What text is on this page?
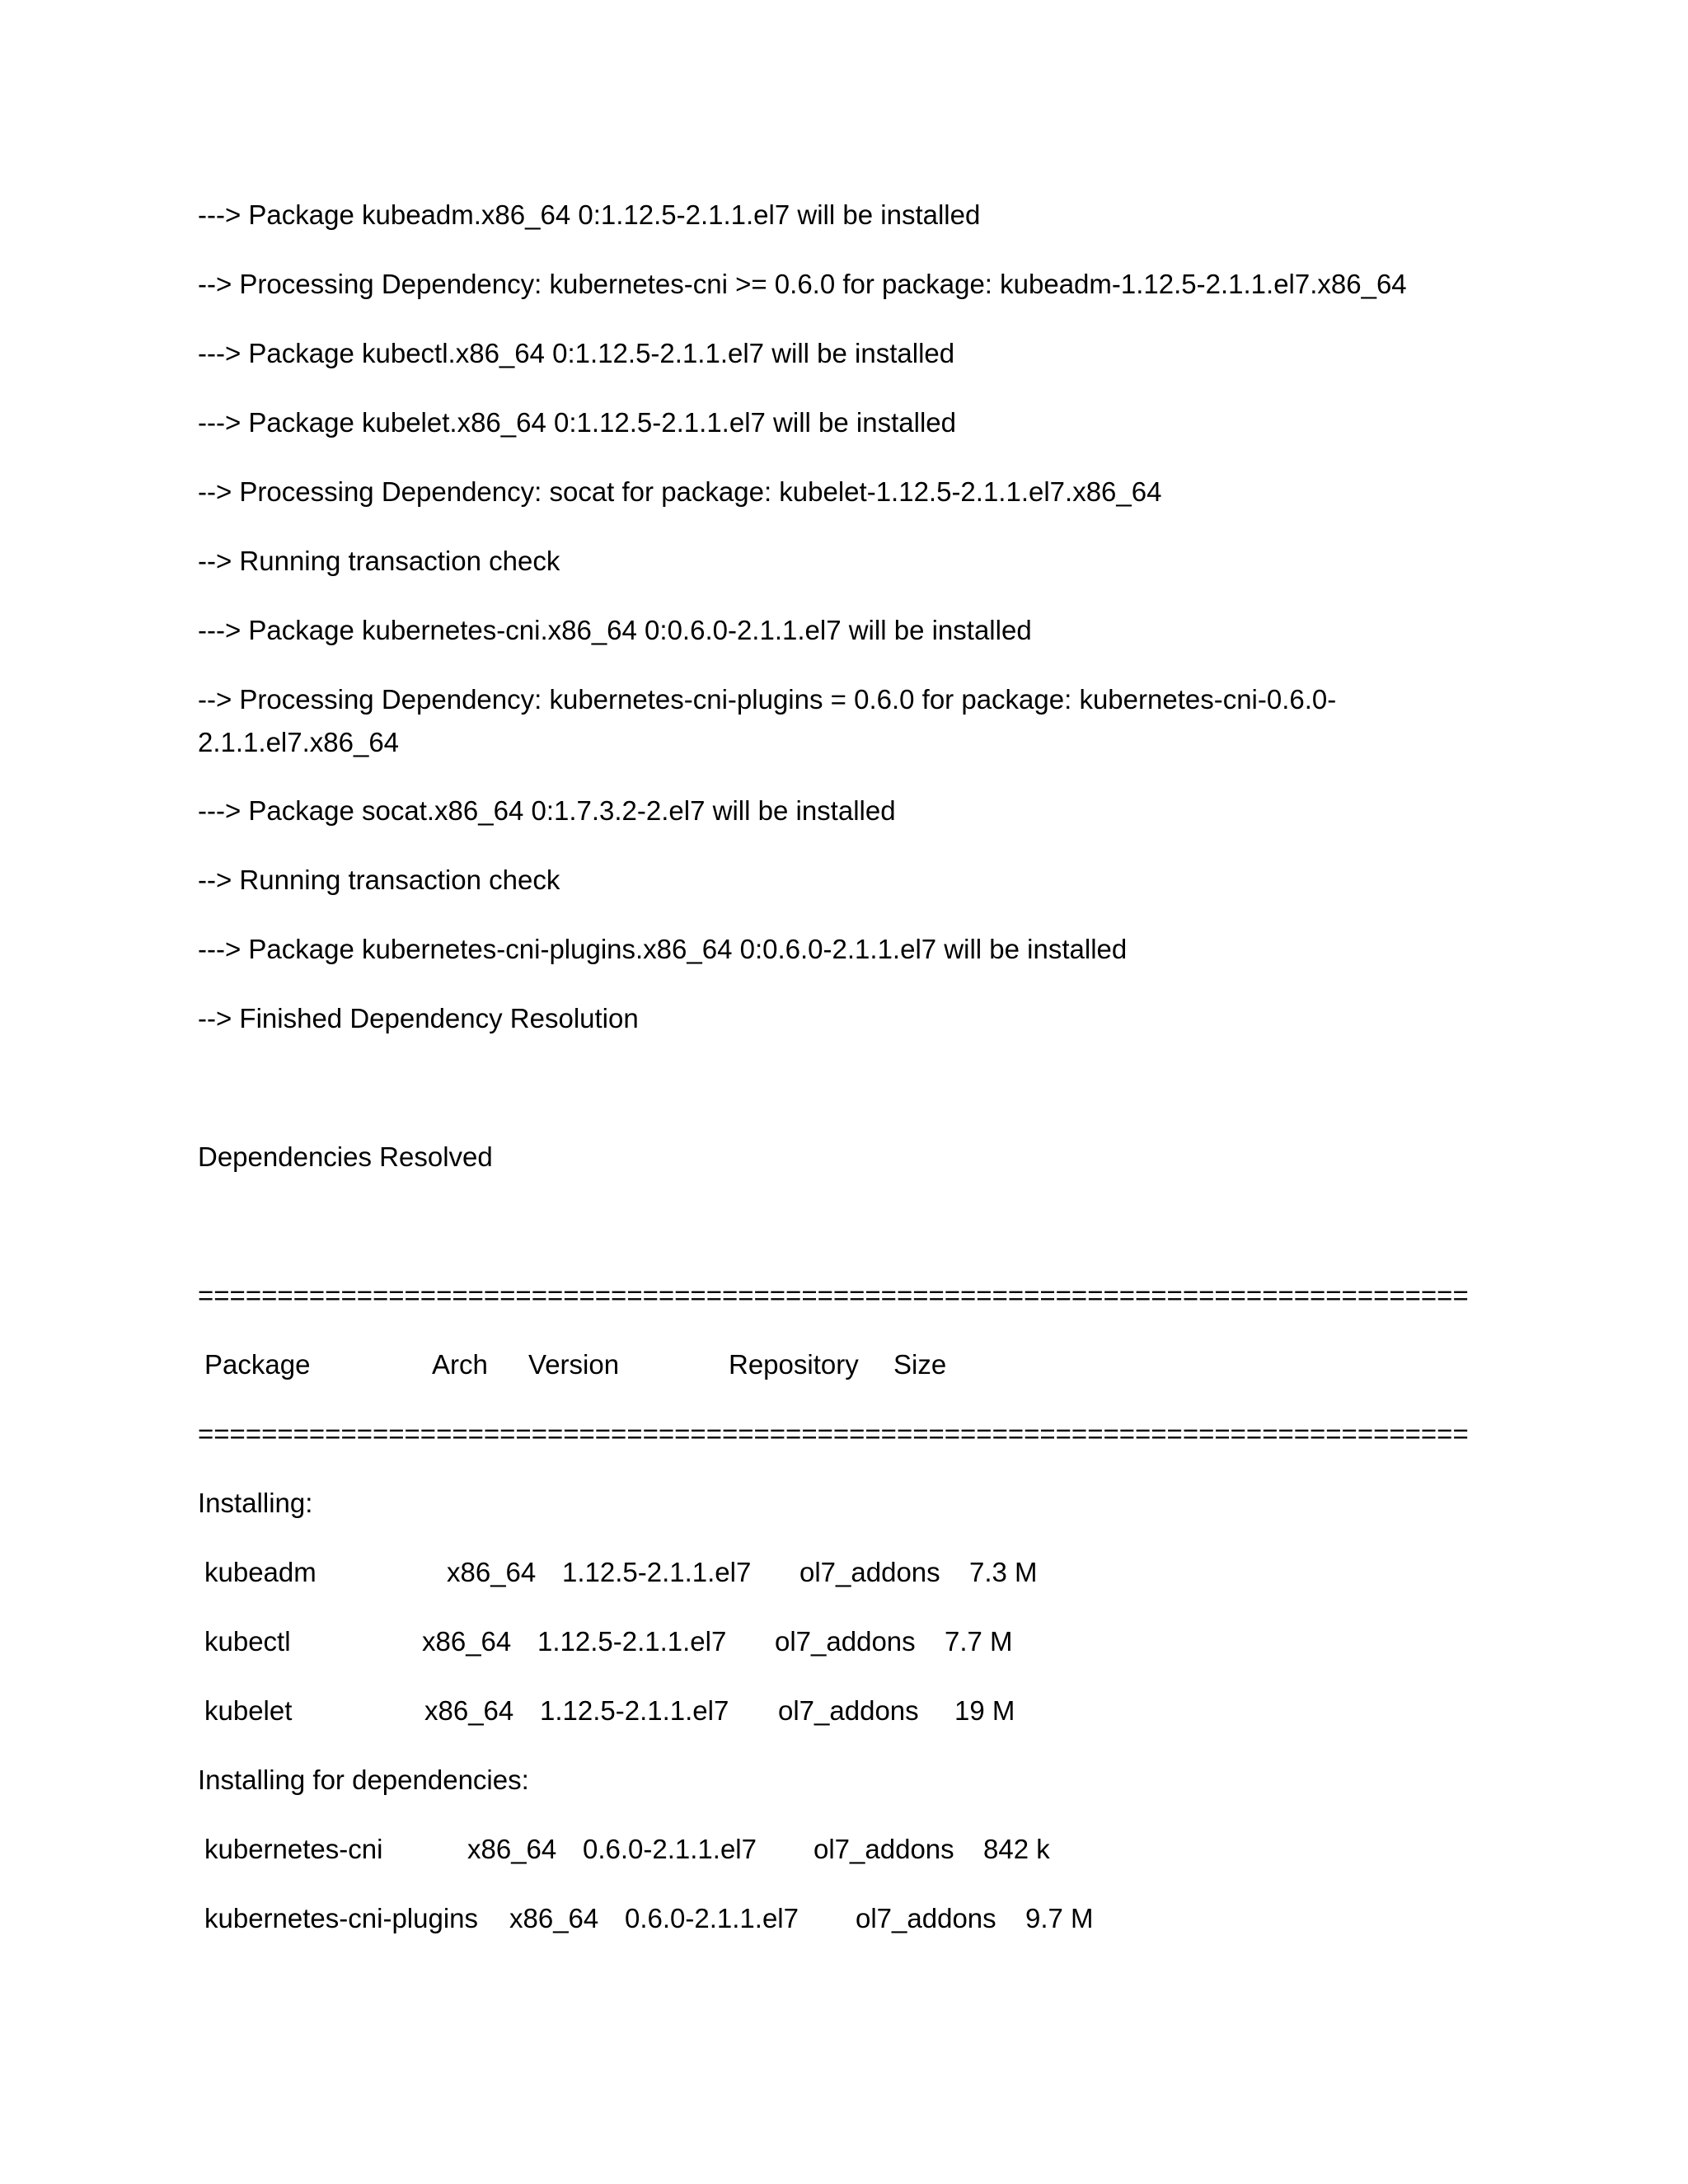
---> Package kubeadm.x86_64 0:1.12.5-2.1.1.el7 will be installed
--> Processing Dependency: kubernetes-cni >= 0.6.0 for package: kubeadm-1.12.5-2.1.1.el7.x86_64
---> Package kubectl.x86_64 0:1.12.5-2.1.1.el7 will be installed
---> Package kubelet.x86_64 0:1.12.5-2.1.1.el7 will be installed
--> Processing Dependency: socat for package: kubelet-1.12.5-2.1.1.el7.x86_64
--> Running transaction check
---> Package kubernetes-cni.x86_64 0:0.6.0-2.1.1.el7 will be installed
--> Processing Dependency: kubernetes-cni-plugins = 0.6.0 for package: kubernetes-cni-0.6.0-2.1.1.el7.x86_64
---> Package socat.x86_64 0:1.7.3.2-2.el7 will be installed
--> Running transaction check
---> Package kubernetes-cni-plugins.x86_64 0:0.6.0-2.1.1.el7 will be installed
--> Finished Dependency Resolution
Dependencies Resolved
================================================================================
Package	Arch Version	Repository Size
================================================================================
Installing:
kubeadm	x86_64 1.12.5-2.1.1.el7 ol7_addons 7.3 M
kubectl	x86_64 1.12.5-2.1.1.el7 ol7_addons 7.7 M
kubelet	x86_64 1.12.5-2.1.1.el7 ol7_addons 19 M
Installing for dependencies:
kubernetes-cni	x86_64 0.6.0-2.1.1.el7 ol7_addons 842 k
kubernetes-cni-plugins x86_64 0.6.0-2.1.1.el7 ol7_addons 9.7 M
